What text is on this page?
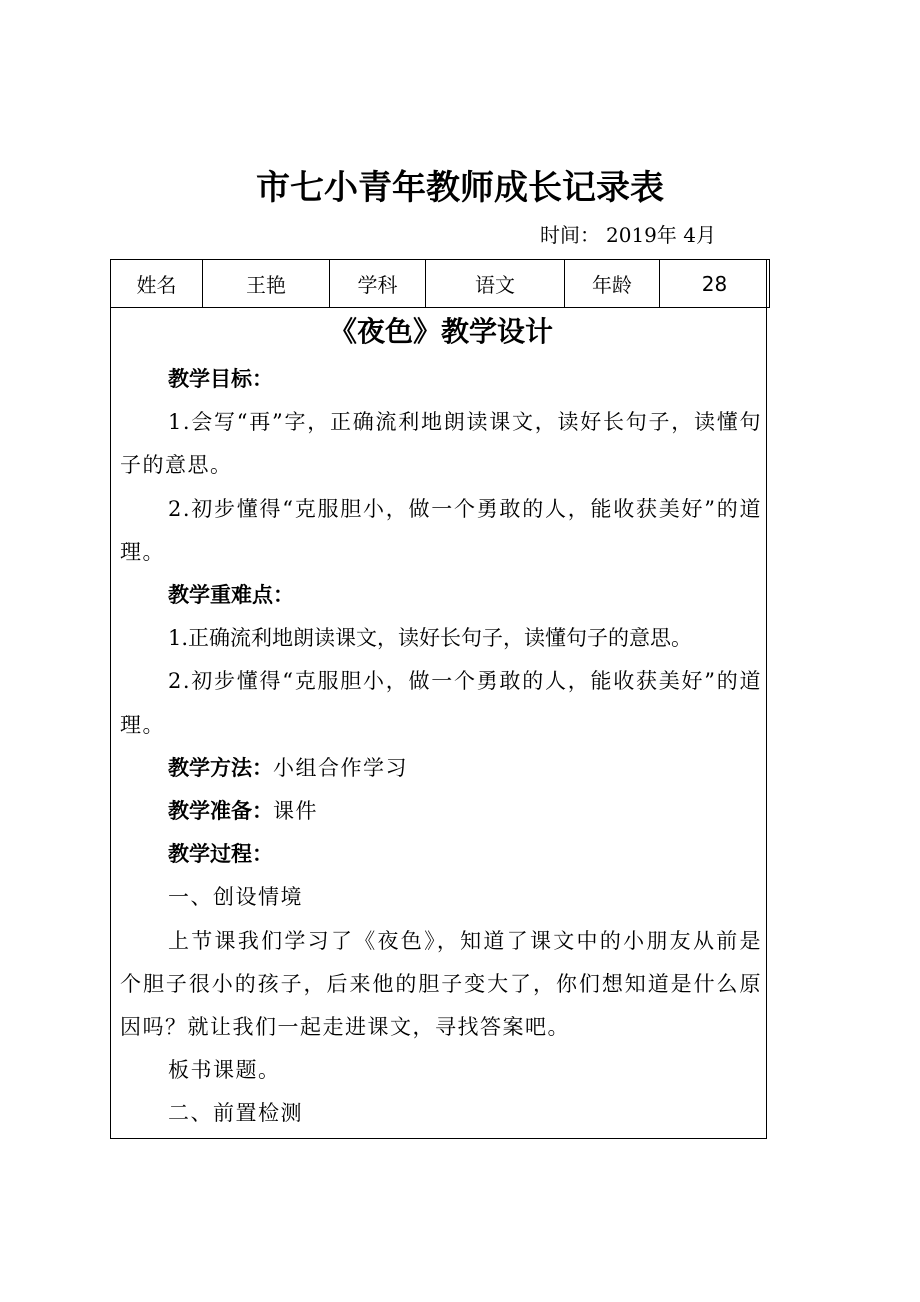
市七小青年教师成长记录表
时间： 2019年 4月
姓名	王艳	学科	语文	年龄	28
《夜色》教学设计

教学目标：

1.会写“再”字，正确流利地朗读课文，读好长句子，读懂句子的意思。

2.初步懂得“克服胆小，做一个勇敢的人，能收获美好”的道理。

教学重难点：

1.正确流利地朗读课文，读好长句子，读懂句子的意思。

2.初步懂得“克服胆小，做一个勇敢的人，能收获美好”的道理。

教学方法：小组合作学习

教学准备：课件

教学过程：

一、创设情境

上节课我们学习了《夜色》，知道了课文中的小朋友从前是个胆子很小的孩子，后来他的胆子变大了，你们想知道是什么原因吗？就让我们一起走进课文，寻找答案吧。

板书课题。

二、前置检测
